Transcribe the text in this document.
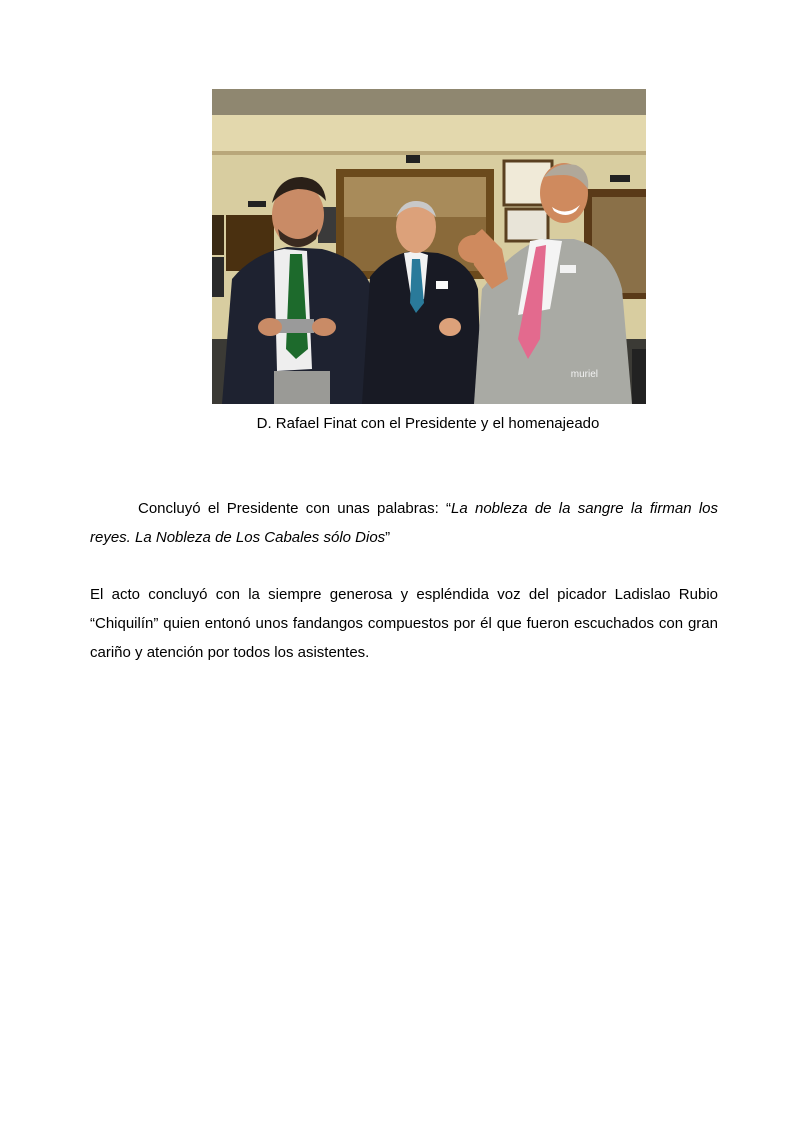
muriel
D. Rafael Finat con el Presidente y el homenajeado

Concluyó el Presidente con unas palabras: “La nobleza de la sangre la firman los reyes. La Nobleza de Los Cabales sólo Dios”

El acto concluyó con la siempre generosa y espléndida voz del picador Ladislao Rubio “Chiquilín” quien entonó unos fandangos compuestos por él que fueron escuchados con gran cariño y atención por todos los asistentes.
